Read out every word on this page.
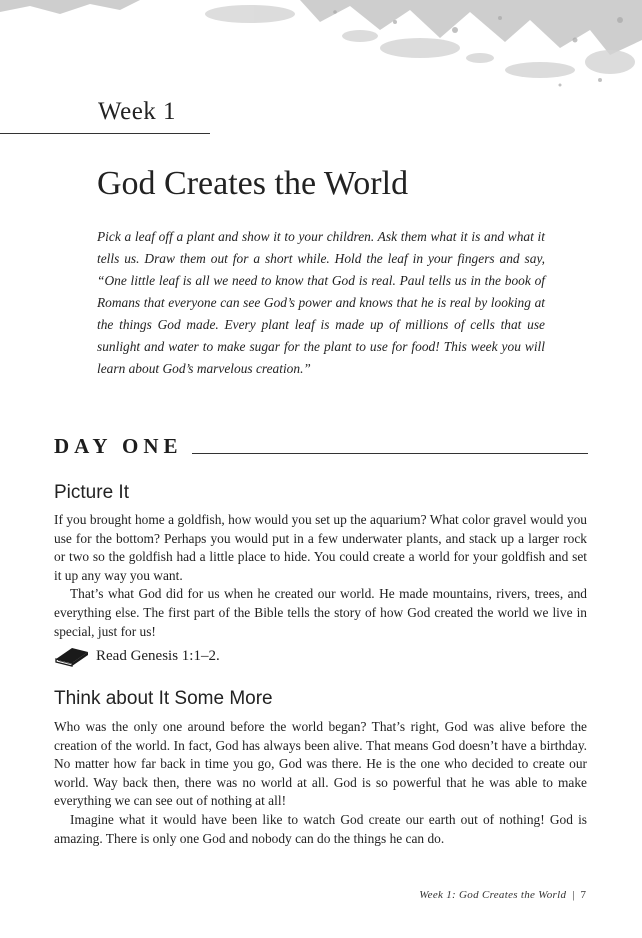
Week 1
God Creates the World

Pick a leaf off a plant and show it to your children. Ask them what it is and what it tells us. Draw them out for a short while. Hold the leaf in your fingers and say, “One little leaf is all we need to know that God is real. Paul tells us in the book of Romans that everyone can see God’s power and knows that he is real by looking at the things God made. Every plant leaf is made up of millions of cells that use sunlight and water to make sugar for the plant to use for food! This week you will learn about God’s marvelous creation.”

DAY ONE
Picture It

If you brought home a goldfish, how would you set up the aquarium? What color gravel would you use for the bottom? Perhaps you would put in a few underwater plants, and stack up a larger rock or two so the goldfish had a little place to hide. You could create a world for your goldfish and set it up any way you want.

That’s what God did for us when he created our world. He made mountains, rivers, trees, and everything else. The first part of the Bible tells the story of how God created the world we live in special, just for us!

Read Genesis 1:1–2.
Think about It Some More

Who was the only one around before the world began? That’s right, God was alive before the creation of the world. In fact, God has always been alive. That means God doesn’t have a birthday. No matter how far back in time you go, God was there. He is the one who decided to create our world. Way back then, there was no world at all. God is so powerful that he was able to make everything we can see out of nothing at all!

Imagine what it would have been like to watch God create our earth out of nothing! God is amazing. There is only one God and nobody can do the things he can do.

Week 1: God Creates the World | 7
